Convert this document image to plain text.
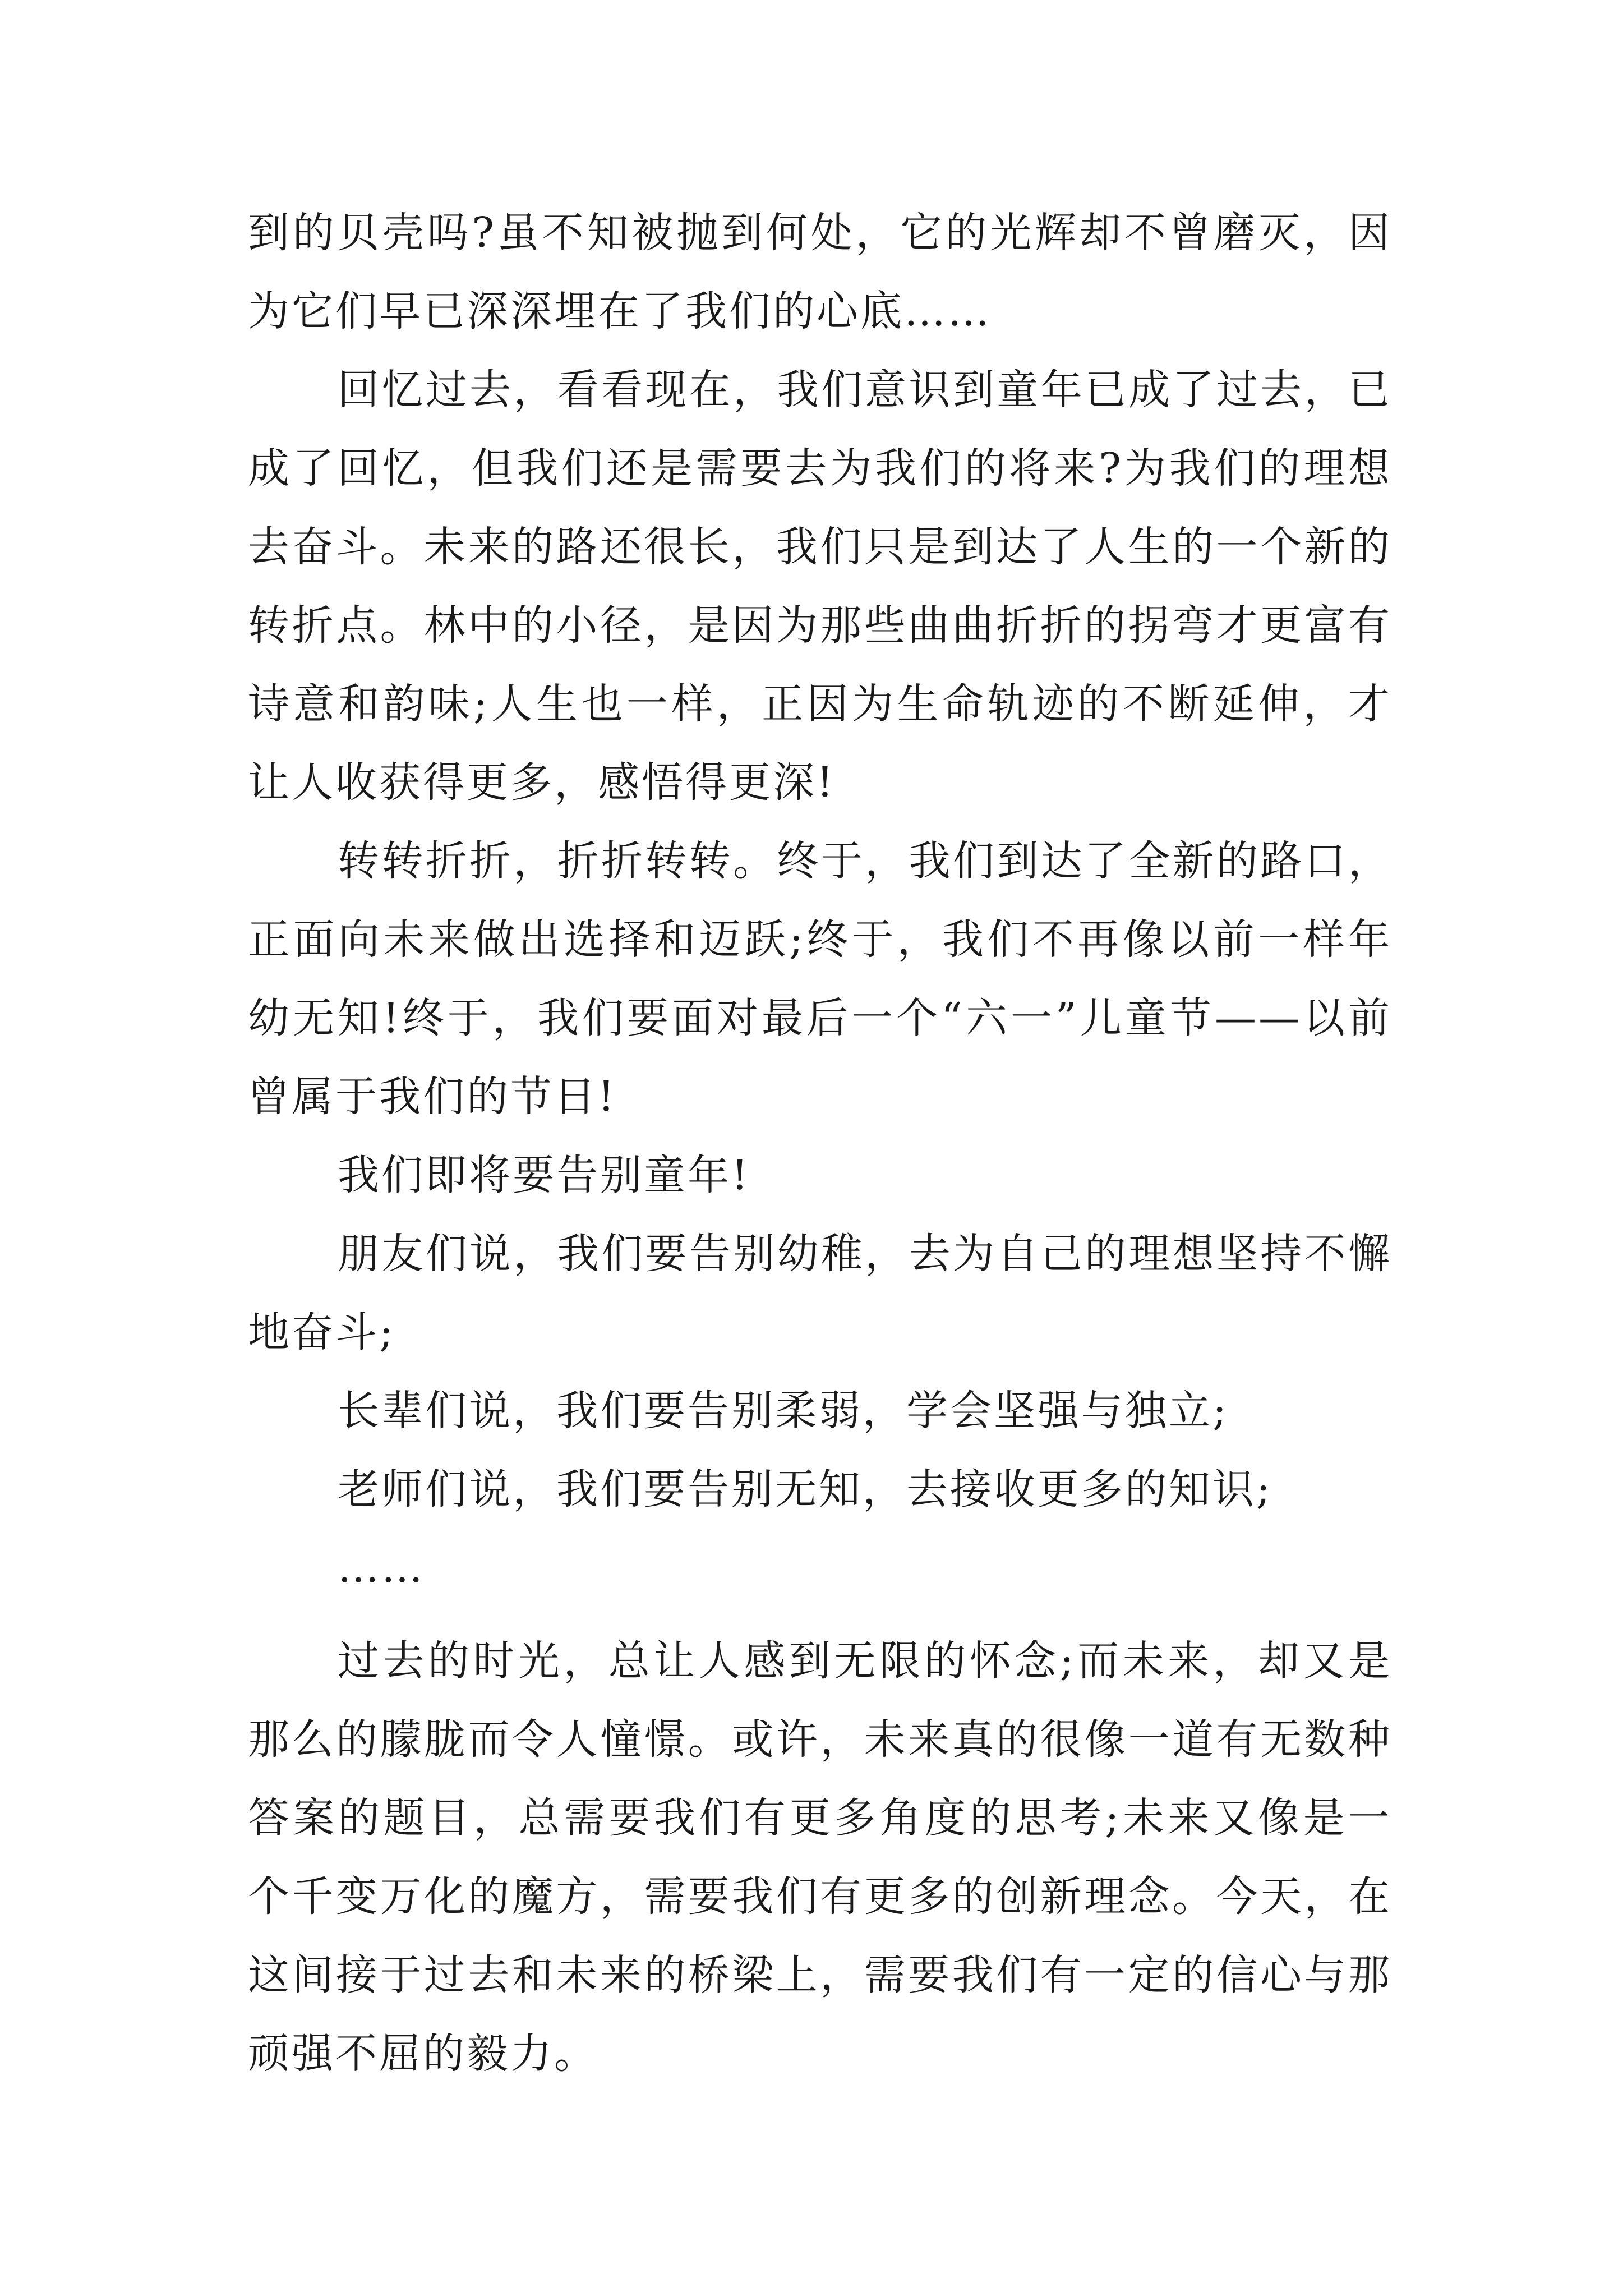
到的贝壳吗?虽不知被抛到何处，它的光辉却不曾磨灭，因为它们早已深深埋在了我们的心底……

回忆过去，看看现在，我们意识到童年已成了过去，已成了回忆，但我们还是需要去为我们的将来?为我们的理想去奋斗。未来的路还很长，我们只是到达了人生的一个新的转折点。林中的小径，是因为那些曲曲折折的拐弯才更富有诗意和韵味;人生也一样，正因为生命轨迹的不断延伸，才让人收获得更多，感悟得更深!

转转折折，折折转转。终于，我们到达了全新的路口，正面向未来做出选择和迈跃;终于，我们不再像以前一样年幼无知!终于，我们要面对最后一个“六一”儿童节——以前曾属于我们的节日!

我们即将要告别童年!

朋友们说，我们要告别幼稚，去为自己的理想坚持不懈地奋斗;

长辈们说，我们要告别柔弱，学会坚强与独立;

老师们说，我们要告别无知，去接收更多的知识;

……

过去的时光，总让人感到无限的怀念;而未来，却又是那么的朦胧而令人憧憬。或许，未来真的很像一道有无数种答案的题目，总需要我们有更多角度的思考;未来又像是一个千变万化的魔方，需要我们有更多的创新理念。今天，在这间接于过去和未来的桥梁上，需要我们有一定的信心与那顽强不屈的毅力。
